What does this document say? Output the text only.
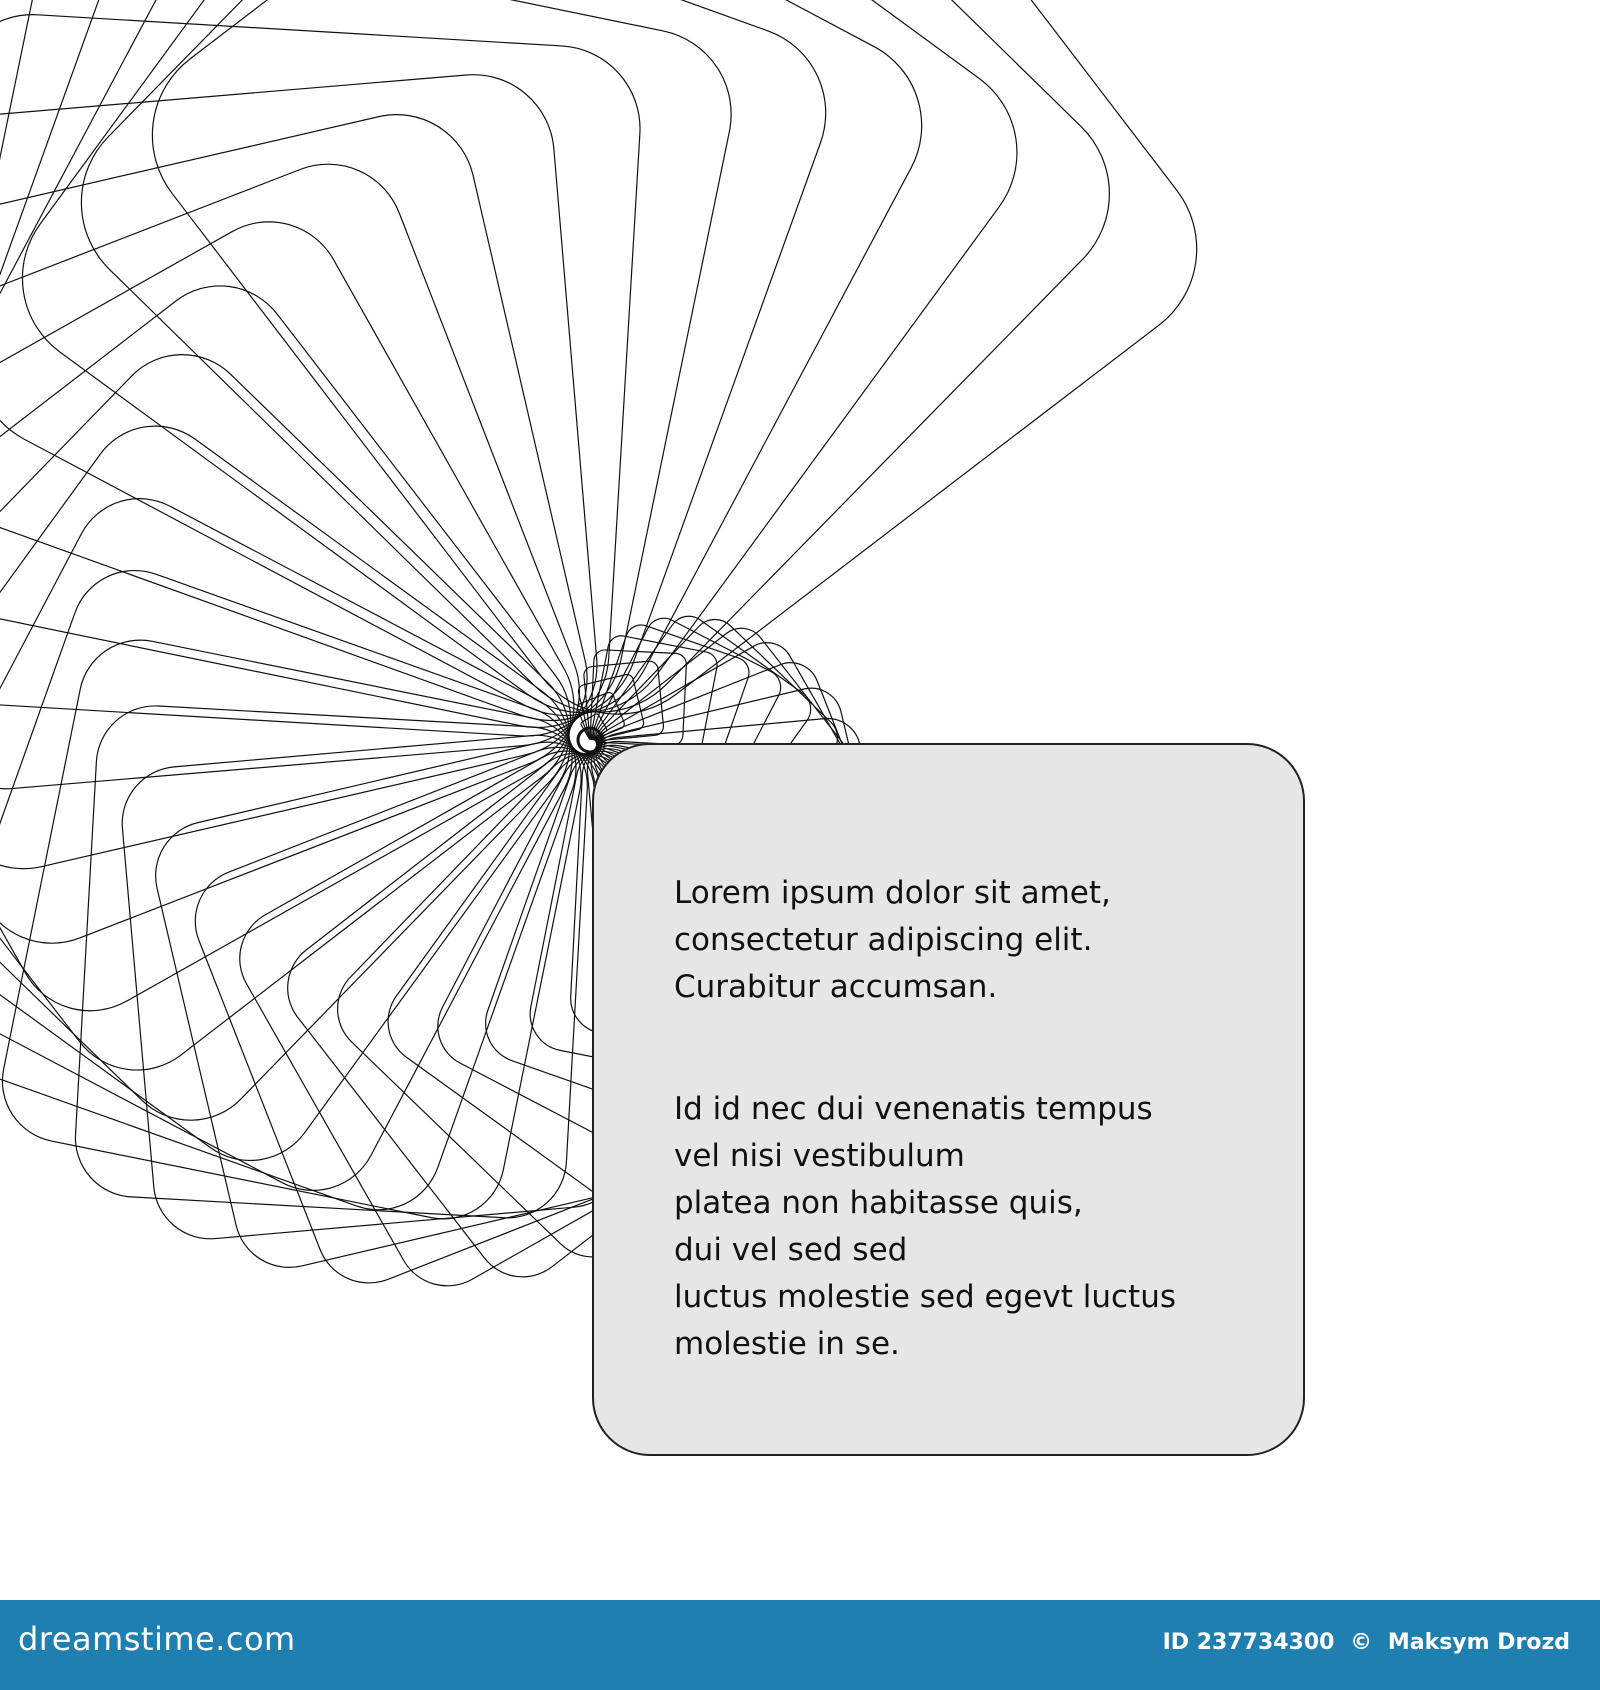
Lorem ipsum dolor sit amet,
consectetur adipiscing elit.
Curabitur accumsan.

Id id nec dui venenatis tempus
vel nisi vestibulum
platea non habitasse quis,
dui vel sed sed
luctus molestie sed egevt luctus
molestie in se.

dreamstime.com	ID 237734300 © Maksym Drozd
